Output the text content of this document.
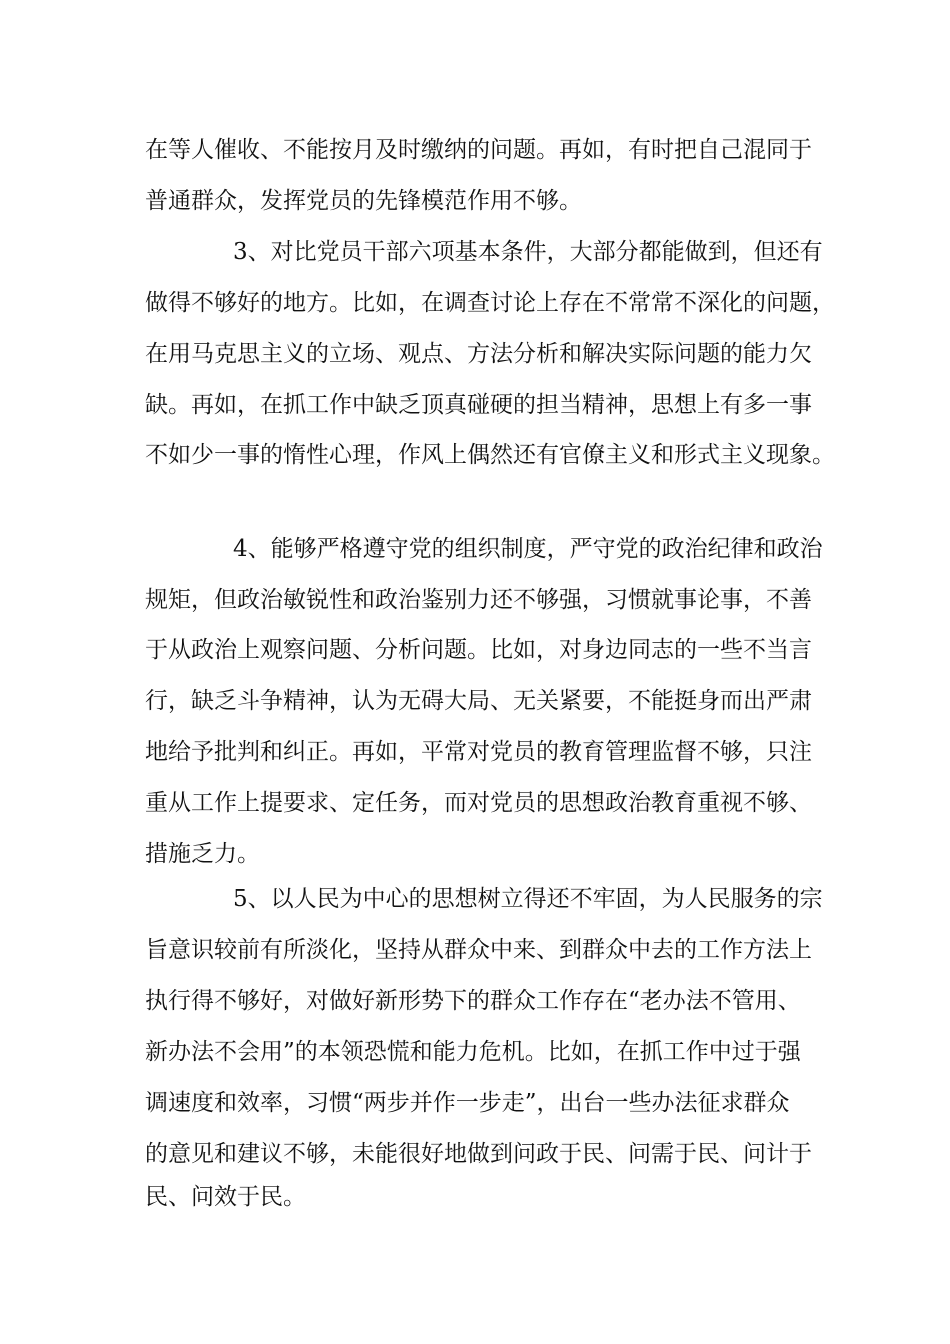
在等人催收、不能按月及时缴纳的问题。再如，有时把自己混同于

普通群众，发挥党员的先锋模范作用不够。

3、对比党员干部六项基本条件，大部分都能做到，但还有

做得不够好的地方。比如，在调查讨论上存在不常常不深化的问题，

在用马克思主义的立场、观点、方法分析和解决实际问题的能力欠

缺。再如，在抓工作中缺乏顶真碰硬的担当精神，思想上有多一事

不如少一事的惰性心理，作风上偶然还有官僚主义和形式主义现象。

4、能够严格遵守党的组织制度，严守党的政治纪律和政治

规矩，但政治敏锐性和政治鉴别力还不够强，习惯就事论事，不善

于从政治上观察问题、分析问题。比如，对身边同志的一些不当言

行，缺乏斗争精神，认为无碍大局、无关紧要，不能挺身而出严肃

地给予批判和纠正。再如，平常对党员的教育管理监督不够，只注

重从工作上提要求、定任务，而对党员的思想政治教育重视不够、

措施乏力。

5、以人民为中心的思想树立得还不牢固，为人民服务的宗

旨意识较前有所淡化，坚持从群众中来、到群众中去的工作方法上

执行得不够好，对做好新形势下的群众工作存在“老办法不管用、

新办法不会用”的本领恐慌和能力危机。比如，在抓工作中过于强

调速度和效率，习惯“两步并作一步走”，出台一些办法征求群众

的意见和建议不够，未能很好地做到问政于民、问需于民、问计于

民、问效于民。
